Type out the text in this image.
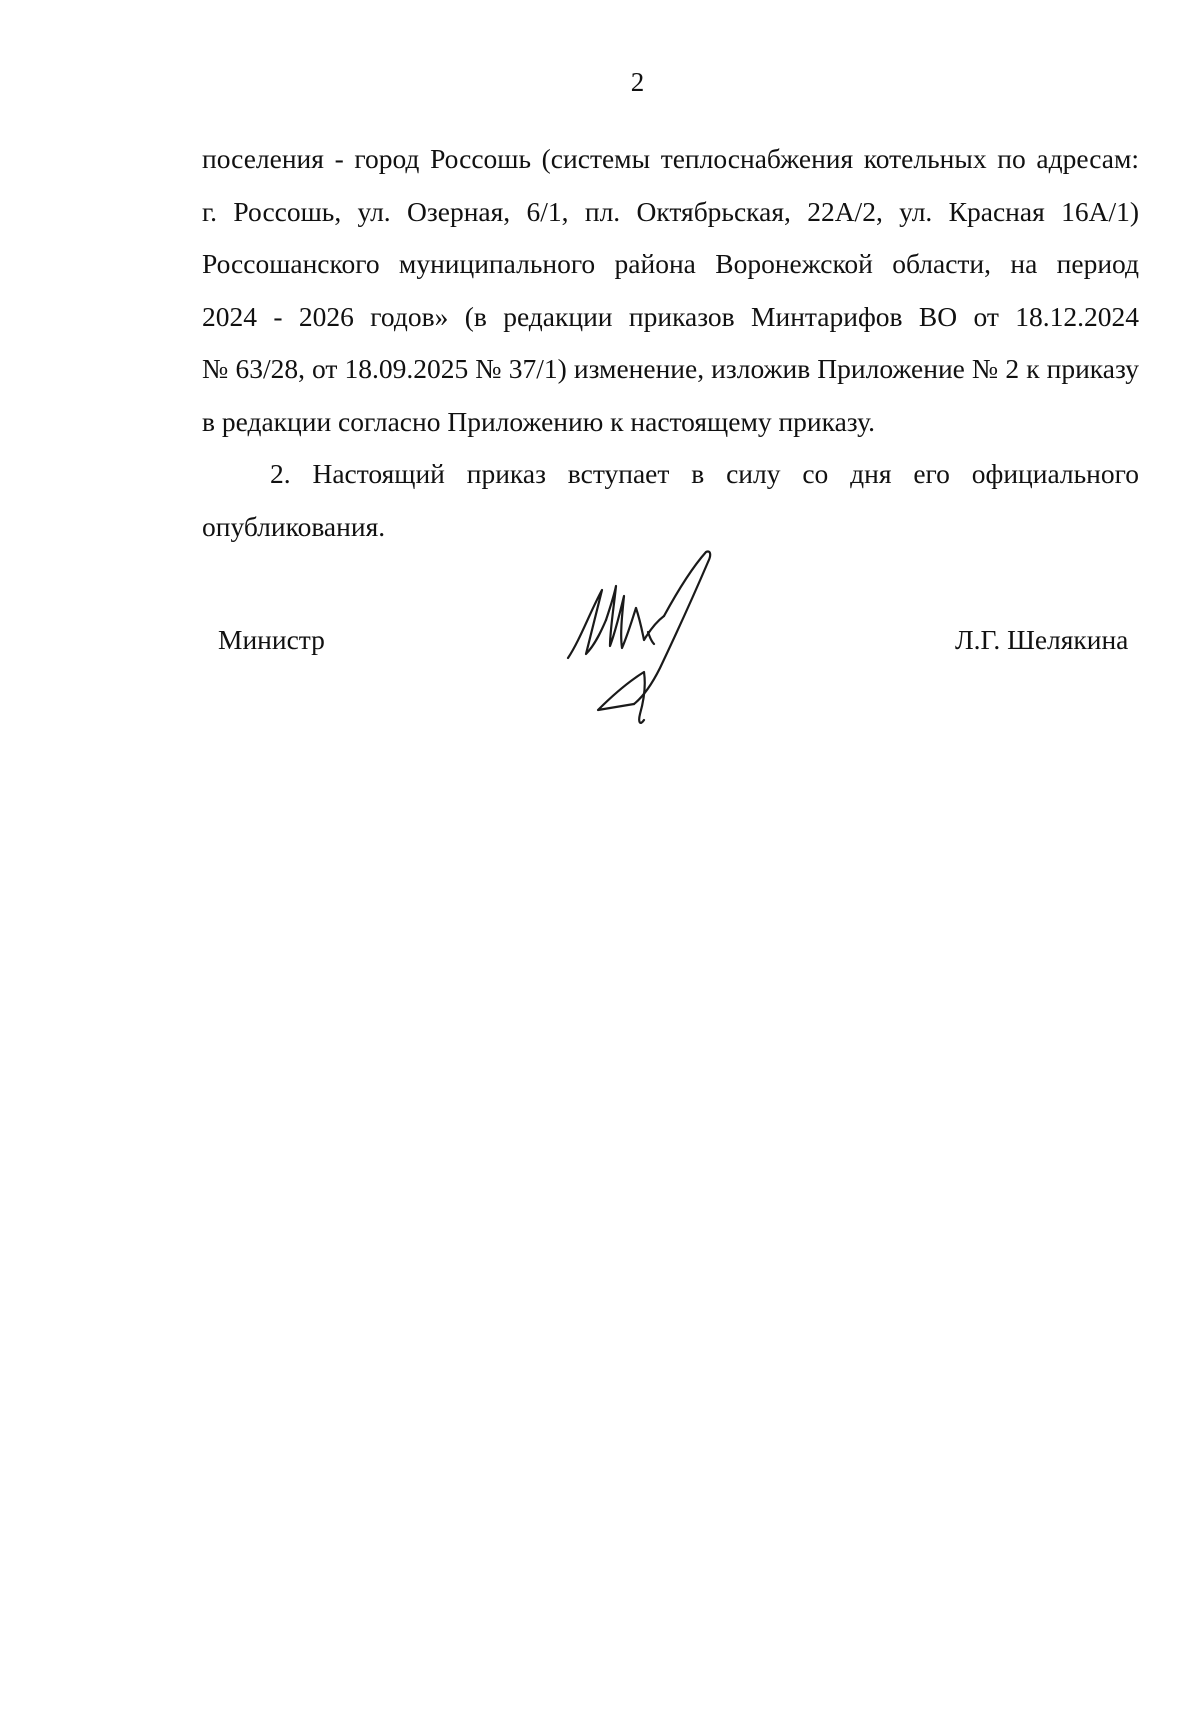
2
поселения - город Россошь (системы теплоснабжения котельных по адресам:
г. Россошь, ул. Озерная, 6/1, пл. Октябрьская, 22А/2, ул. Красная 16А/1)
Россошанского муниципального района Воронежской области, на период
2024 - 2026 годов» (в редакции приказов Минтарифов ВО от 18.12.2024
№ 63/28, от 18.09.2025 № 37/1) изменение, изложив Приложение № 2 к приказу
в редакции согласно Приложению к настоящему приказу.
2. Настоящий приказ вступает в силу со дня его официального
опубликования.
Министр	Л.Г. Шелякина
